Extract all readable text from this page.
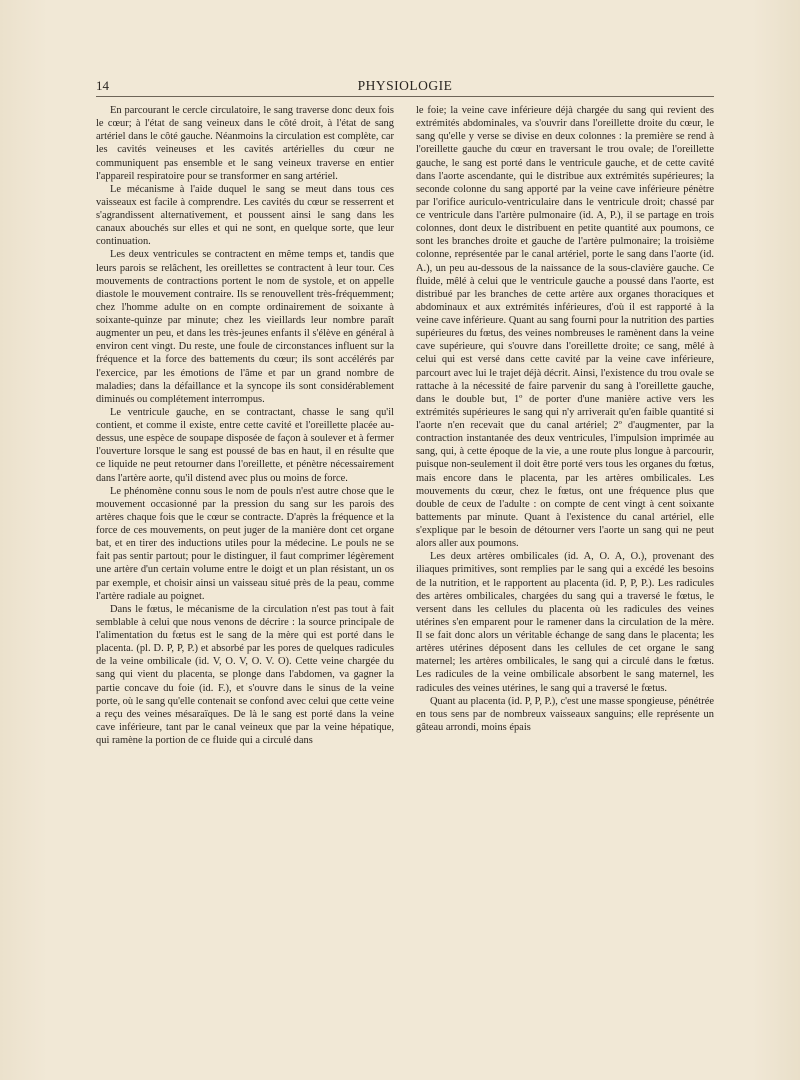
14	PHYSIOLOGIE

En parcourant le cercle circulatoire, le sang traverse donc deux fois le cœur; à l'état de sang veineux dans le côté droit, à l'état de sang artériel dans le côté gauche. Néanmoins la circulation est complète, car les cavités veineuses et les cavités artérielles du cœur ne communiquent pas ensemble et le sang veineux traverse en entier l'appareil respiratoire pour se transformer en sang artériel.

Le mécanisme à l'aide duquel le sang se meut dans tous ces vaisseaux est facile à comprendre. Les cavités du cœur se resserrent et s'agrandissent alternativement, et poussent ainsi le sang dans les canaux abouchés sur elles et qui ne sont, en quelque sorte, que leur continuation.

Les deux ventricules se contractent en même temps et, tandis que leurs parois se relâchent, les oreillettes se contractent à leur tour. Ces mouvements de contractions portent le nom de systole, et on appelle diastole le mouvement contraire. Ils se renouvellent très-fréquemment; chez l'homme adulte on en compte ordinairement de soixante à soixante-quinze par minute; chez les vieillards leur nombre paraît augmenter un peu, et dans les très-jeunes enfants il s'élève en général à environ cent vingt. Du reste, une foule de circonstances influent sur la fréquence et la force des battements du cœur; ils sont accélérés par l'exercice, par les émotions de l'âme et par un grand nombre de maladies; dans la défaillance et la syncope ils sont considérablement diminués ou complétement interrompus.

Le ventricule gauche, en se contractant, chasse le sang qu'il contient, et comme il existe, entre cette cavité et l'oreillette placée au-dessus, une espèce de soupape disposée de façon à soulever et à fermer l'ouverture lorsque le sang est poussé de bas en haut, il en résulte que ce liquide ne peut retourner dans l'oreillette, et pénètre nécessairement dans l'artère aorte, qu'il distend avec plus ou moins de force.

Le phénomène connu sous le nom de pouls n'est autre chose que le mouvement occasionné par la pression du sang sur les parois des artères chaque fois que le cœur se contracte. D'après la fréquence et la force de ces mouvements, on peut juger de la manière dont cet organe bat, et en tirer des inductions utiles pour la médecine. Le pouls ne se fait pas sentir partout; pour le distinguer, il faut comprimer légèrement une artère d'un certain volume entre le doigt et un plan résistant, un os par exemple, et choisir ainsi un vaisseau situé près de la peau, comme l'artère radiale au poignet.

Dans le fœtus, le mécanisme de la circulation n'est pas tout à fait semblable à celui que nous venons de décrire : la source principale de l'alimentation du fœtus est le sang de la mère qui est porté dans le placenta. (pl. D. P, P, P.) et absorbé par les pores de quelques radicules de la veine ombilicale (id. V, O. V, O. V. O). Cette veine chargée du sang qui vient du placenta, se plonge dans l'abdomen, va gagner la partie concave du foie (id. F.), et s'ouvre dans le sinus de la veine porte, où le sang qu'elle contenait se confond avec celui que cette veine a reçu des veines mésaraïques. De là le sang est porté dans la veine cave inférieure, tant par le canal veineux que par la veine hépatique, qui ramène la portion de ce fluide qui a circulé dans

le foie; la veine cave inférieure déjà chargée du sang qui revient des extrémités abdominales, va s'ouvrir dans l'oreillette droite du cœur, le sang qu'elle y verse se divise en deux colonnes : la première se rend à l'oreillette gauche du cœur en traversant le trou ovale; de l'oreillette gauche, le sang est porté dans le ventricule gauche, et de cette cavité dans l'aorte ascendante, qui le distribue aux extrémités supérieures; la seconde colonne du sang apporté par la veine cave inférieure pénètre par l'orifice auriculo-ventriculaire dans le ventricule droit; chassé par ce ventricule dans l'artère pulmonaire (id. A, P.), il se partage en trois colonnes, dont deux le distribuent en petite quantité aux poumons, ce sont les branches droite et gauche de l'artère pulmonaire; la troisième colonne, représentée par le canal artériel, porte le sang dans l'aorte (id. A.), un peu au-dessous de la naissance de la sous-clavière gauche. Ce fluide, mêlé à celui que le ventricule gauche a poussé dans l'aorte, est distribué par les branches de cette artère aux organes thoraciques et abdominaux et aux extrémités inférieures, d'où il est rapporté à la veine cave inférieure. Quant au sang fourni pour la nutrition des parties supérieures du fœtus, des veines nombreuses le ramènent dans la veine cave supérieure, qui s'ouvre dans l'oreillette droite; ce sang, mêlé à celui qui est versé dans cette cavité par la veine cave inférieure, parcourt avec lui le trajet déjà décrit. Ainsi, l'existence du trou ovale se rattache à la nécessité de faire parvenir du sang à l'oreillette gauche, dans le double but, 1º de porter d'une manière active vers les extrémités supérieures le sang qui n'y arriverait qu'en faible quantité si l'aorte n'en recevait que du canal artériel; 2º d'augmenter, par la contraction instantanée des deux ventricules, l'impulsion imprimée au sang, qui, à cette époque de la vie, a une route plus longue à parcourir, puisque non-seulement il doit être porté vers tous les organes du fœtus, mais encore dans le placenta, par les artères ombilicales. Les mouvements du cœur, chez le fœtus, ont une fréquence plus que double de ceux de l'adulte : on compte de cent vingt à cent soixante battements par minute. Quant à l'existence du canal artériel, elle s'explique par le besoin de détourner vers l'aorte un sang qui ne peut alors aller aux poumons.

Les deux artères ombilicales (id. A, O. A, O.), provenant des iliaques primitives, sont remplies par le sang qui a excédé les besoins de la nutrition, et le rapportent au placenta (id. P, P, P.). Les radicules des artères ombilicales, chargées du sang qui a traversé le fœtus, le versent dans les cellules du placenta où les radicules des veines utérines s'en emparent pour le ramener dans la circulation de la mère. Il se fait donc alors un véritable échange de sang dans le placenta; les artères utérines déposent dans les cellules de cet organe le sang maternel; les artères ombilicales, le sang qui a circulé dans le fœtus. Les radicules de la veine ombilicale absorbent le sang maternel, les radicules des veines utérines, le sang qui a traversé le fœtus.

Quant au placenta (id. P, P, P.), c'est une masse spongieuse, pénétrée en tous sens par de nombreux vaisseaux sanguins; elle représente un gâteau arrondi, moins épais
